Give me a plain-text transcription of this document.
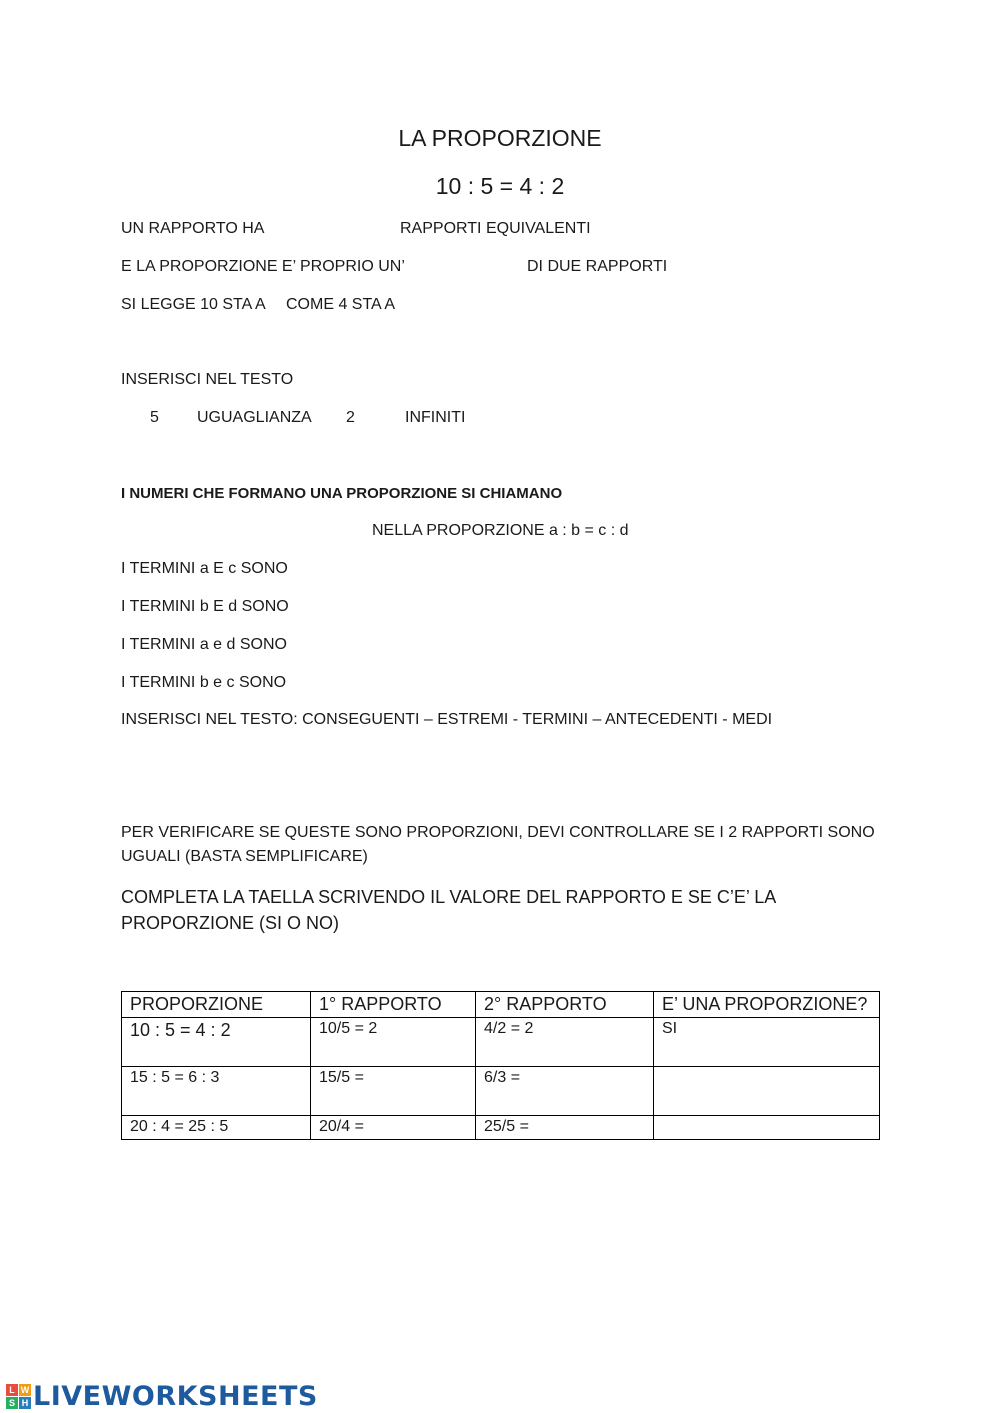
LA PROPORZIONE
10 : 5 = 4 : 2
UN RAPPORTO HA	RAPPORTI EQUIVALENTI
E LA PROPORZIONE E’ PROPRIO UN’	DI DUE RAPPORTI
SI LEGGE 10 STA A COME 4 STA A
INSERISCI NEL TESTO
5 UGUAGLIANZA 2	INFINITI
I NUMERI CHE FORMANO UNA PROPORZIONE SI CHIAMANO
NELLA PROPORZIONE a : b = c : d
I TERMINI a E c SONO
I TERMINI b E d SONO
I TERMINI a e d SONO
I TERMINI b e c SONO
INSERISCI NEL TESTO: CONSEGUENTI – ESTREMI - TERMINI – ANTECEDENTI - MEDI
PER VERIFICARE SE QUESTE SONO PROPORZIONI, DEVI CONTROLLARE SE I 2 RAPPORTI SONO
UGUALI (BASTA SEMPLIFICARE)
COMPLETA LA TAELLA SCRIVENDO IL VALORE DEL RAPPORTO E SE C’E’ LA PROPORZIONE (SI O NO)
PROPORZIONE	1° RAPPORTO	2° RAPPORTO	E’ UNA PROPORZIONE?
10 : 5 = 4 : 2	10/5 = 2	4/2 = 2	SI
15 : 5 = 6 : 3	15/5 =	6/3 =	
20 : 4 = 25 : 5	20/4 =	25/5 =	
L W
S H LIVEWORKSHEETS
